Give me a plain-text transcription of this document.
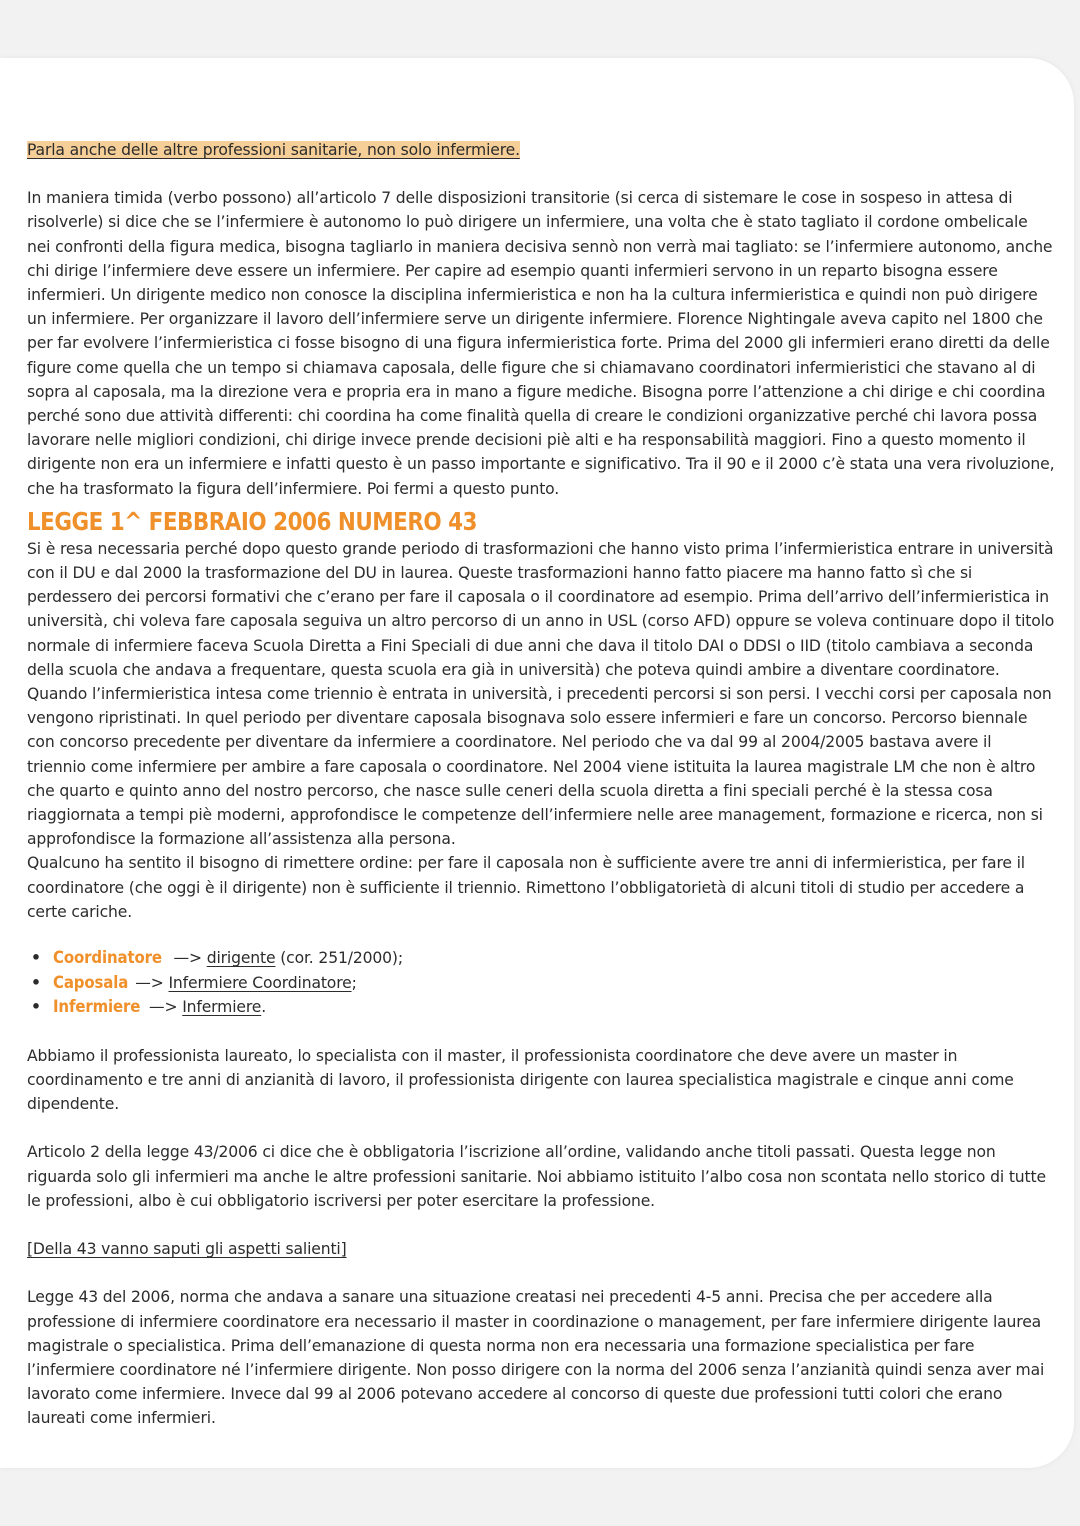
Parla anche delle altre professioni sanitarie, non solo infermiere.

In maniera timida (verbo possono) all’articolo 7 delle disposizioni transitorie (si cerca di sistemare le cose in sospeso in attesa di risolverle) si dice che se l’infermiere è autonomo lo può dirigere un infermiere, una volta che è stato tagliato il cordone ombelicale nei confronti della figura medica, bisogna tagliarlo in maniera decisiva sennò non verrà mai tagliato: se l’infermiere autonomo, anche chi dirige l’infermiere deve essere un infermiere. Per capire ad esempio quanti infermieri servono in un reparto bisogna essere infermieri. Un dirigente medico non conosce la disciplina infermieristica e non ha la cultura infermieristica e quindi non può dirigere un infermiere. Per organizzare il lavoro dell’infermiere serve un dirigente infermiere. Florence Nightingale aveva capito nel 1800 che per far evolvere l’infermieristica ci fosse bisogno di una figura infermieristica forte. Prima del 2000 gli infermieri erano diretti da delle figure come quella che un tempo si chiamava caposala, delle figure che si chiamavano coordinatori infermieristici che stavano al di sopra al caposala, ma la direzione vera e propria era in mano a figure mediche. Bisogna porre l’attenzione a chi dirige e chi coordina perché sono due attività differenti: chi coordina ha come finalità quella di creare le condizioni organizzative perché chi lavora possa lavorare nelle migliori condizioni, chi dirige invece prende decisioni piè alti e ha responsabilità maggiori. Fino a questo momento il dirigente non era un infermiere e infatti questo è un passo importante e significativo. Tra il 90 e il 2000 c’è stata una vera rivoluzione, che ha trasformato la figura dell’infermiere. Poi fermi a questo punto.

LEGGE 1^ FEBBRAIO 2006 NUMERO 43

Si è resa necessaria perché dopo questo grande periodo di trasformazioni che hanno visto prima l’infermieristica entrare in università con il DU e dal 2000 la trasformazione del DU in laurea. Queste trasformazioni hanno fatto piacere ma hanno fatto sì che si perdessero dei percorsi formativi che c’erano per fare il caposala o il coordinatore ad esempio. Prima dell’arrivo dell’infermieristica in università, chi voleva fare caposala seguiva un altro percorso di un anno in USL (corso AFD) oppure se voleva continuare dopo il titolo normale di infermiere faceva Scuola Diretta a Fini Speciali di due anni che dava il titolo DAI o DDSI o IID (titolo cambiava a seconda della scuola che andava a frequentare, questa scuola era già in università) che poteva quindi ambire a diventare coordinatore. Quando l’infermieristica intesa come triennio è entrata in università, i precedenti percorsi si son persi. I vecchi corsi per caposala non vengono ripristinati. In quel periodo per diventare caposala bisognava solo essere infermieri e fare un concorso. Percorso biennale con concorso precedente per diventare da infermiere a coordinatore. Nel periodo che va dal 99 al 2004/2005 bastava avere il triennio come infermiere per ambire a fare caposala o coordinatore. Nel 2004 viene istituita la laurea magistrale LM che non è altro che quarto e quinto anno del nostro percorso, che nasce sulle ceneri della scuola diretta a fini speciali perché è la stessa cosa riaggiornata a tempi piè moderni, approfondisce le competenze dell’infermiere nelle aree management, formazione e ricerca, non si approfondisce la formazione all’assistenza alla persona.

Qualcuno ha sentito il bisogno di rimettere ordine: per fare il caposala non è sufficiente avere tre anni di infermieristica, per fare il coordinatore (che oggi è il dirigente) non è sufficiente il triennio. Rimettono l’obbligatorietà di alcuni titoli di studio per accedere a certe cariche.

• Coordinatore —> dirigente (cor. 251/2000);
• Caposala —> Infermiere Coordinatore;
• Infermiere —> Infermiere.

Abbiamo il professionista laureato, lo specialista con il master, il professionista coordinatore che deve avere un master in coordinamento e tre anni di anzianità di lavoro, il professionista dirigente con laurea specialistica magistrale e cinque anni come dipendente.

Articolo 2 della legge 43/2006 ci dice che è obbligatoria l’iscrizione all’ordine, validando anche titoli passati. Questa legge non riguarda solo gli infermieri ma anche le altre professioni sanitarie. Noi abbiamo istituito l’albo cosa non scontata nello storico di tutte le professioni, albo è cui obbligatorio iscriversi per poter esercitare la professione.

[Della 43 vanno saputi gli aspetti salienti]

Legge 43 del 2006, norma che andava a sanare una situazione creatasi nei precedenti 4-5 anni. Precisa che per accedere alla professione di infermiere coordinatore era necessario il master in coordinazione o management, per fare infermiere dirigente laurea magistrale o specialistica. Prima dell’emanazione di questa norma non era necessaria una formazione specialistica per fare l’infermiere coordinatore né l’infermiere dirigente. Non posso dirigere con la norma del 2006 senza l’anzianità quindi senza aver mai lavorato come infermiere. Invece dal 99 al 2006 potevano accedere al concorso di queste due professioni tutti colori che erano laureati come infermieri.
